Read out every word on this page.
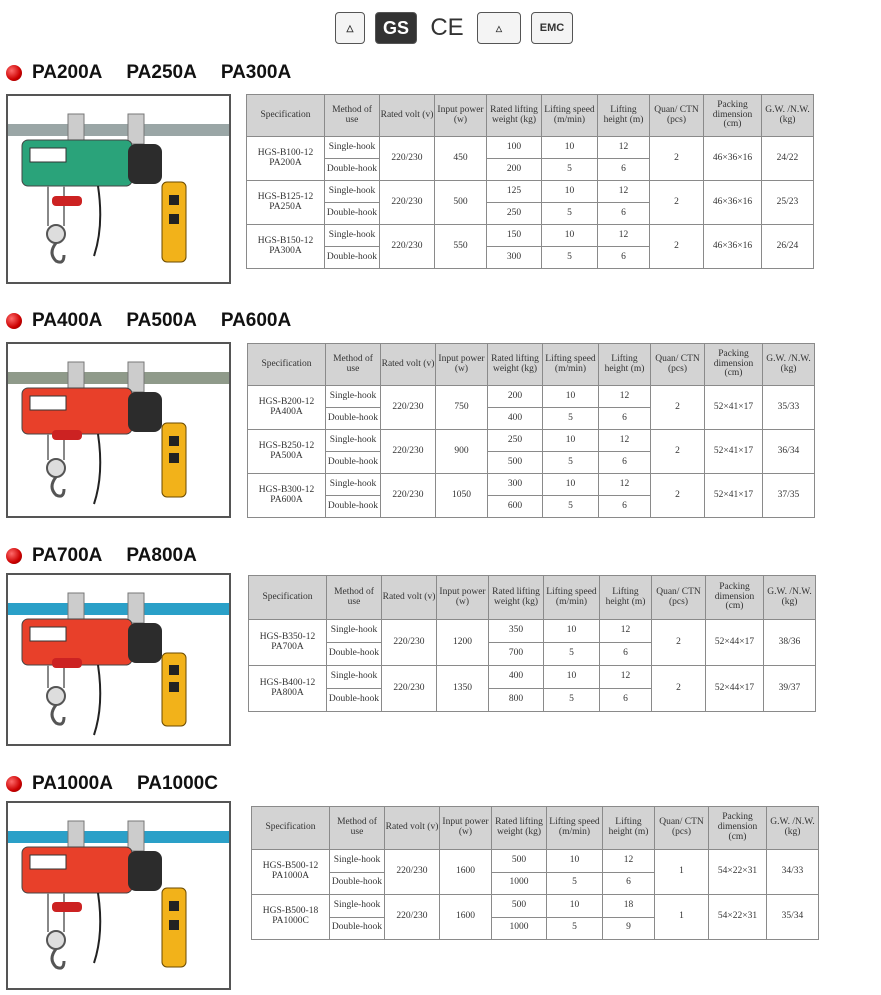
△	GS CE	△	EMC
PA200A PA250A PA300A
Specification	Method of use	Rated volt (v)	Input power (w)	Rated lifting weight (kg)	Lifting speed (m/min)	Lifting height (m)	Quan/ CTN (pcs)	Packing dimension (cm)	G.W. /N.W.(kg)

HGS-B100-12
PA200A	Single-hook	220/230	450	100	10	12	2	46×36×16	24/22
	Double-hook			200	5	6			

HGS-B125-12
PA250A	Single-hook	220/230	500	125	10	12	2	46×36×16	25/23
	Double-hook			250	5	6			

HGS-B150-12
PA300A	Single-hook	220/230	550	150	10	12	2	46×36×16	26/24
	Double-hook			300	5	6			
PA400A PA500A PA600A
Specification	Method of use	Rated volt (v)	Input power (w)	Rated lifting weight (kg)	Lifting speed (m/min)	Lifting height (m)	Quan/ CTN (pcs)	Packing dimension (cm)	G.W. /N.W.(kg)

HGS-B200-12
PA400A	Single-hook	220/230	750	200	10	12	2	52×41×17	35/33
	Double-hook			400	5	6			

HGS-B250-12
PA500A	Single-hook	220/230	900	250	10	12	2	52×41×17	36/34
	Double-hook			500	5	6			

HGS-B300-12
PA600A	Single-hook	220/230	1050	300	10	12	2	52×41×17	37/35
	Double-hook			600	5	6			
PA700A PA800A
Specification	Method of use	Rated volt (v)	Input power (w)	Rated lifting weight (kg)	Lifting speed (m/min)	Lifting height (m)	Quan/ CTN (pcs)	Packing dimension (cm)	G.W. /N.W.(kg)

HGS-B350-12
PA700A	Single-hook	220/230	1200	350	10	12	2	52×44×17	38/36
	Double-hook			700	5	6			

HGS-B400-12
PA800A	Single-hook	220/230	1350	400	10	12	2	52×44×17	39/37
	Double-hook			800	5	6			
PA1000A PA1000C
Specification	Method of use	Rated volt (v)	Input power (w)	Rated lifting weight (kg)	Lifting speed (m/min)	Lifting height (m)	Quan/ CTN (pcs)	Packing dimension (cm)	G.W. /N.W.(kg)

HGS-B500-12
PA1000A	Single-hook	220/230	1600	500	10	12	1	54×22×31	34/33
	Double-hook			1000	5	6			

HGS-B500-18
PA1000C	Single-hook	220/230	1600	500	10	18	1	54×22×31	35/34
	Double-hook			1000	5	9			
